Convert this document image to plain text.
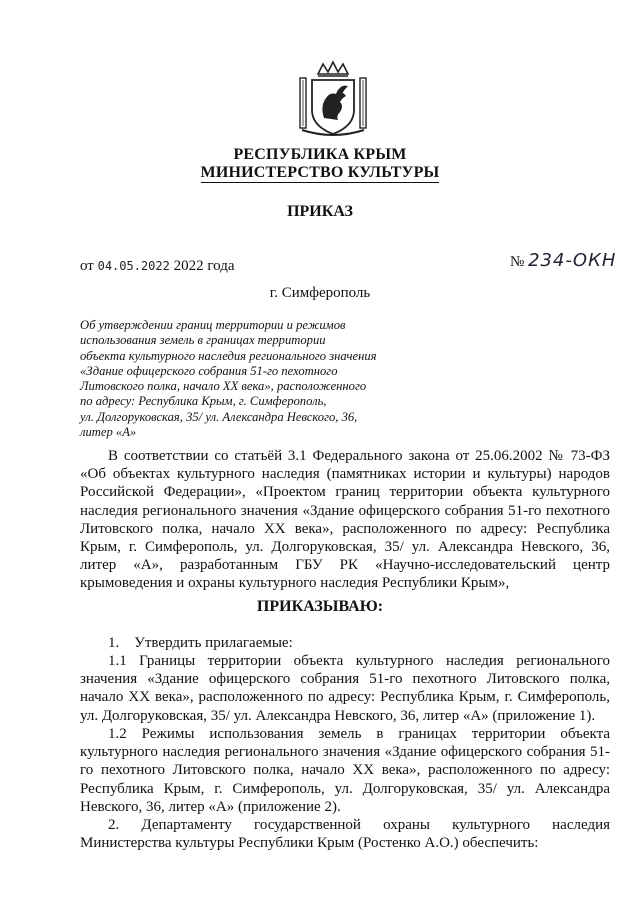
РЕСПУБЛИКА КРЫМ
МИНИСТЕРСТВО КУЛЬТУРЫ
ПРИКАЗ
от 04.05.2022 2022 года	№ 234-ОКН
г. Симферополь
Об утверждении границ территории и режимов
использования земель в границах территории
объекта культурного наследия регионального значения
«Здание офицерского собрания 51-го пехотного
Литовского полка, начало XX века», расположенного
по адресу: Республика Крым, г. Симферополь,
ул. Долгоруковская, 35/ ул. Александра Невского, 36,
литер «А»
В соответствии со статьёй 3.1 Федерального закона от 25.06.2002 № 73-ФЗ «Об объектах культурного наследия (памятниках истории и культуры) народов Российской Федерации», «Проектом границ территории объекта культурного наследия регионального значения «Здание офицерского собрания 51-го пехотного Литовского полка, начало XX века», расположенного по адресу: Республика Крым, г. Симферополь, ул. Долгоруковская, 35/ ул. Александра Невского, 36, литер «А», разработанным ГБУ РК «Научно-исследовательский центр крымоведения и охраны культурного наследия Республики Крым»,
ПРИКАЗЫВАЮ:
1.    Утвердить прилагаемые:
1.1 Границы территории объекта культурного наследия регионального значения «Здание офицерского собрания 51-го пехотного Литовского полка, начало XX века», расположенного по адресу: Республика Крым, г. Симферополь, ул. Долгоруковская, 35/ ул. Александра Невского, 36, литер «А» (приложение 1).
1.2 Режимы использования земель в границах территории объекта культурного наследия регионального значения «Здание офицерского собрания 51-го пехотного Литовского полка, начало XX века», расположенного по адресу: Республика Крым, г. Симферополь, ул. Долгоруковская, 35/ ул. Александра Невского, 36, литер «А» (приложение 2).
2. Департаменту государственной охраны культурного наследия Министерства культуры Республики Крым (Ростенко А.О.) обеспечить:
